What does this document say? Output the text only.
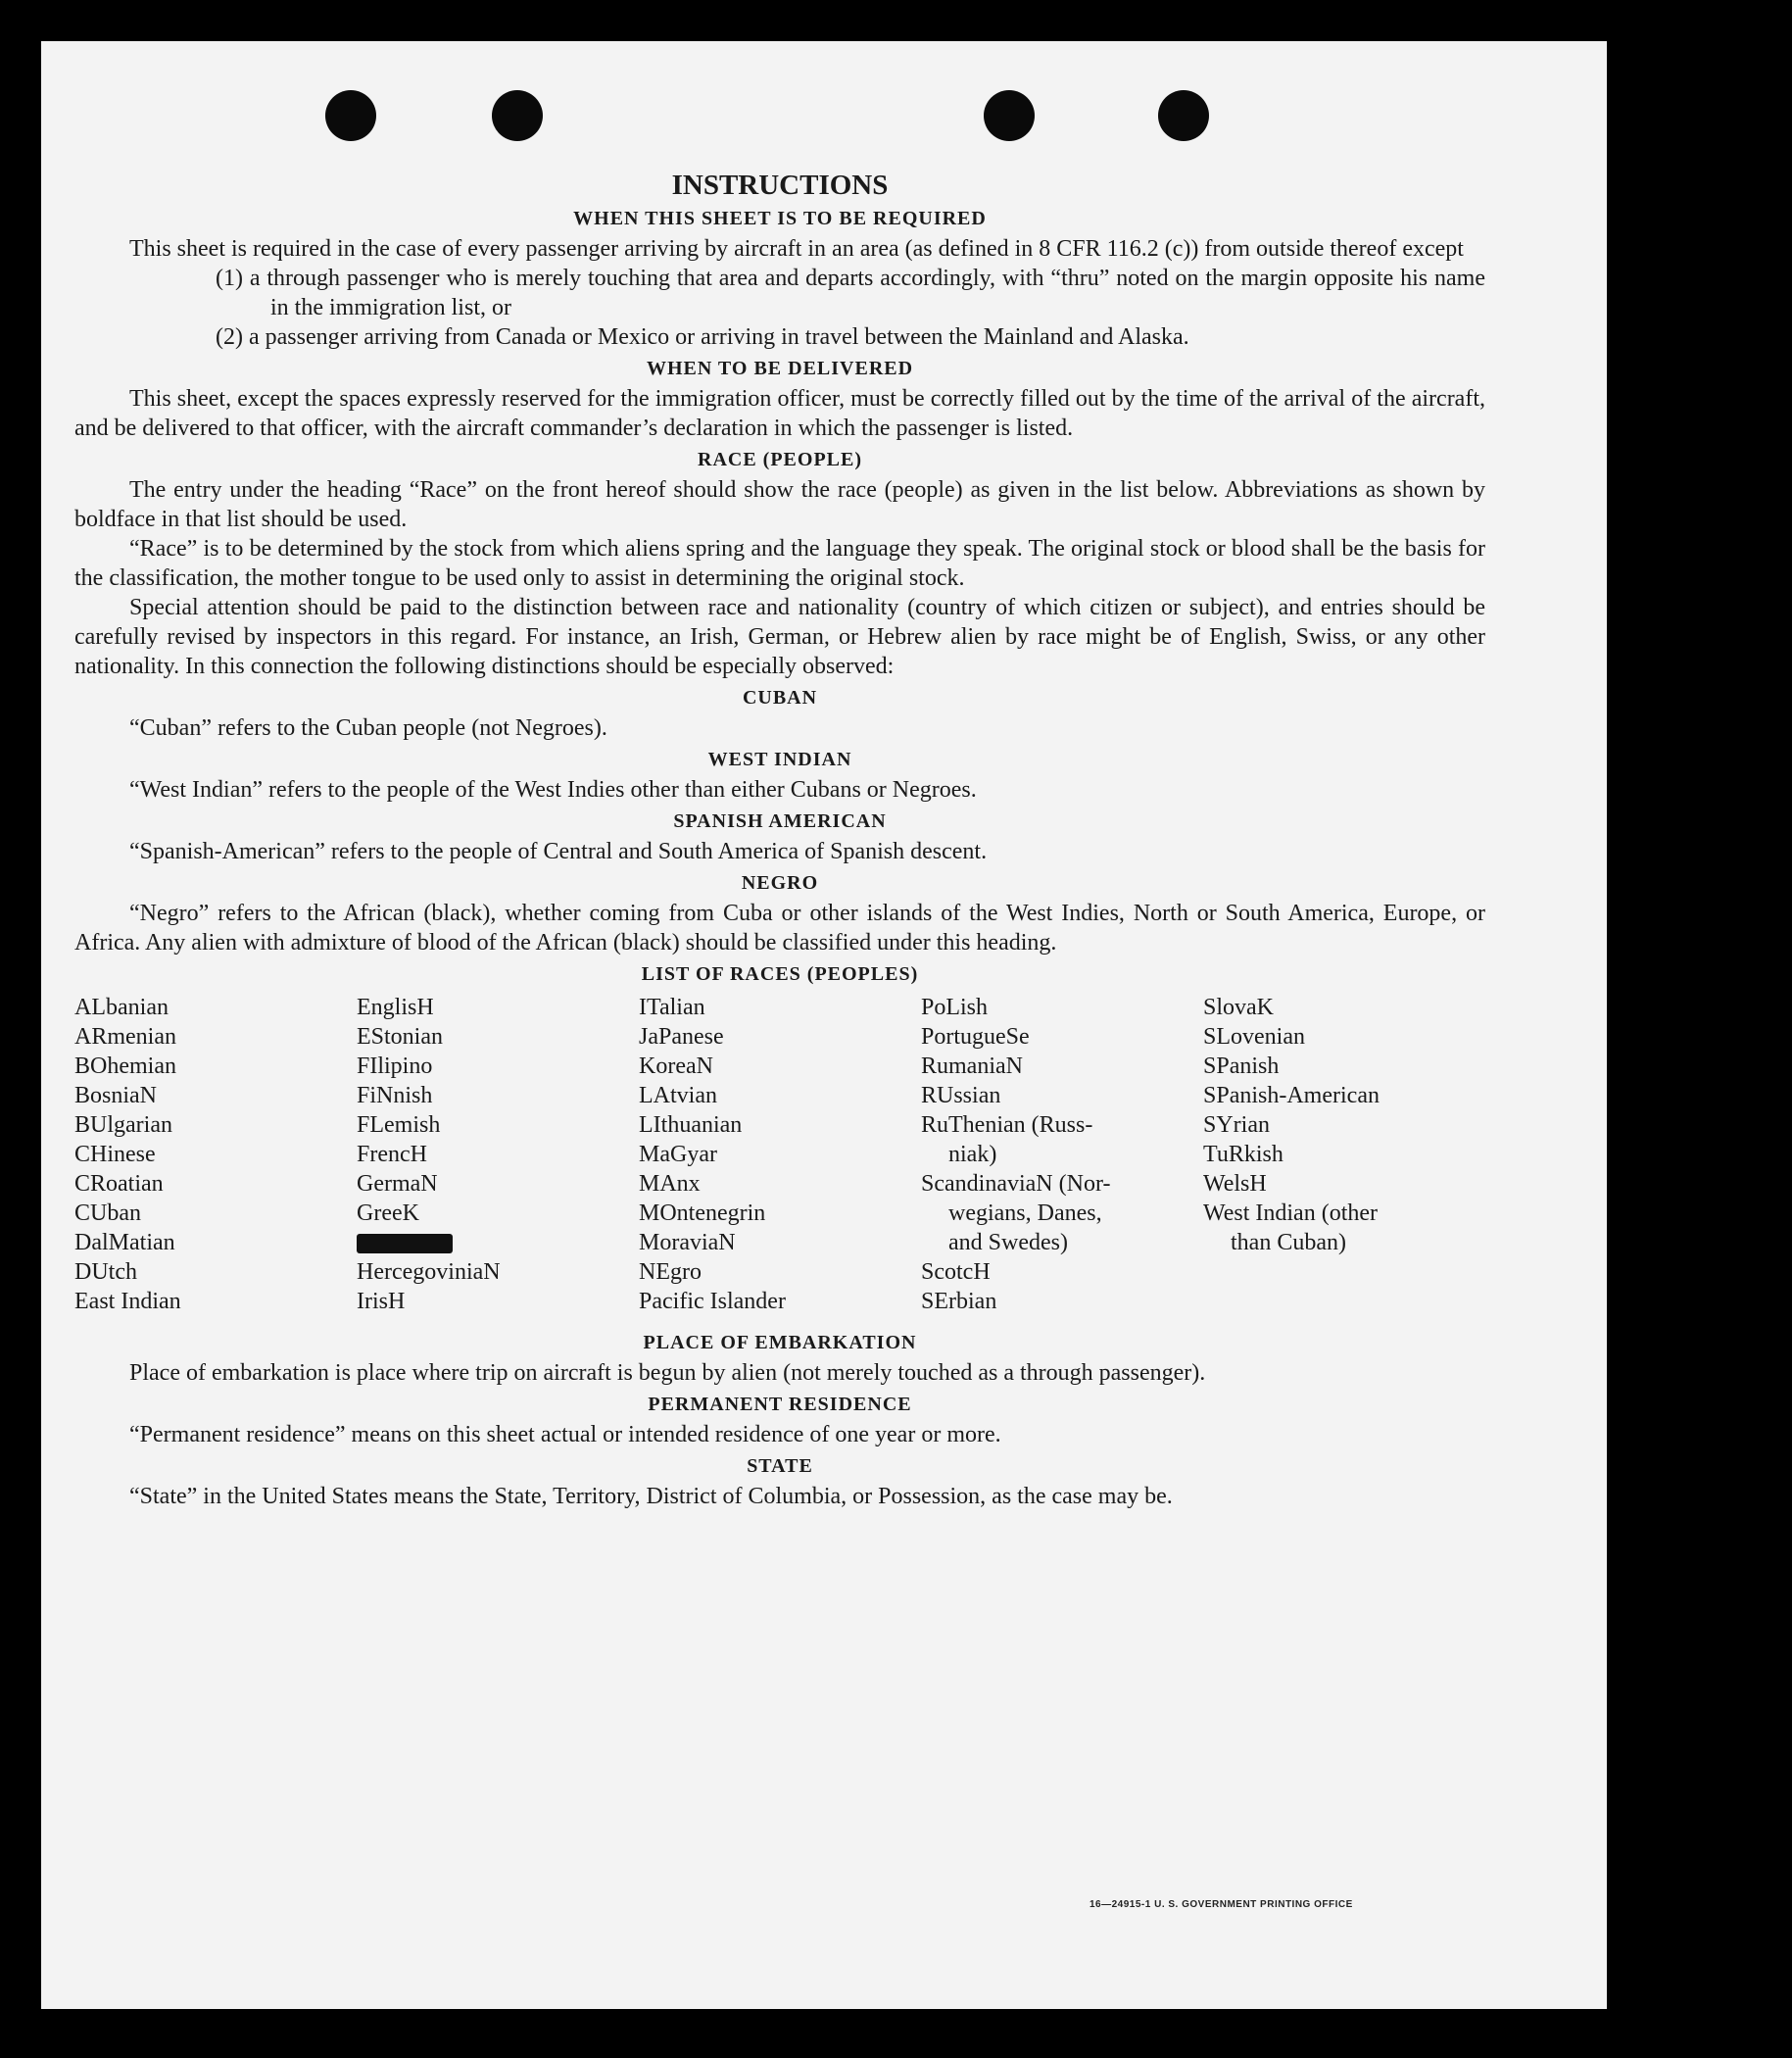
INSTRUCTIONS
WHEN THIS SHEET IS TO BE REQUIRED
This sheet is required in the case of every passenger arriving by aircraft in an area (as defined in 8 CFR 116.2 (c)) from outside thereof except
(1) a through passenger who is merely touching that area and departs accordingly, with “thru” noted on the margin opposite his name in the immigration list, or
(2) a passenger arriving from Canada or Mexico or arriving in travel between the Mainland and Alaska.
WHEN TO BE DELIVERED
This sheet, except the spaces expressly reserved for the immigration officer, must be correctly filled out by the time of the arrival of the aircraft, and be delivered to that officer, with the aircraft commander’s declaration in which the passenger is listed.
RACE (PEOPLE)
The entry under the heading “Race” on the front hereof should show the race (people) as given in the list below. Abbreviations as shown by boldface in that list should be used.
“Race” is to be determined by the stock from which aliens spring and the language they speak. The original stock or blood shall be the basis for the classification, the mother tongue to be used only to assist in determining the original stock.
Special attention should be paid to the distinction between race and nationality (country of which citizen or subject), and entries should be carefully revised by inspectors in this regard. For instance, an Irish, German, or Hebrew alien by race might be of English, Swiss, or any other nationality. In this connection the following distinctions should be especially observed:
CUBAN
“Cuban” refers to the Cuban people (not Negroes).
WEST INDIAN
“West Indian” refers to the people of the West Indies other than either Cubans or Negroes.
SPANISH AMERICAN
“Spanish-American” refers to the people of Central and South America of Spanish descent.
NEGRO
“Negro” refers to the African (black), whether coming from Cuba or other islands of the West Indies, North or South America, Europe, or Africa. Any alien with admixture of blood of the African (black) should be classified under this heading.
LIST OF RACES (PEOPLES)
ALbanian
ARmenian
BOhemian
BosniaN
BUlgarian
CHinese
CRoatian
CUban
DalMatian
DUtch
East Indian
EnglisH
EStonian
FIlipino
FiNnish
FLemish
FrencH
GermaN
GreeK
HercegoviniaN
IrisH
ITalian
JaPanese
KoreaN
LAtvian
LIthuanian
MaGyar
MAnx
MOntenegrin
MoraviaN
NEgro
Pacific Islander
PoLish
PortugueSe
RumaniaN
RUssian
RuThenian (Russ-
niak)
ScandinaviaN (Nor-
wegians, Danes,
and Swedes)
ScotcH
SErbian
SlovaK
SLovenian
SPanish
SPanish-American
SYrian
TuRkish
WelsH
West Indian (other
than Cuban)
PLACE OF EMBARKATION
Place of embarkation is place where trip on aircraft is begun by alien (not merely touched as a through passenger).
PERMANENT RESIDENCE
“Permanent residence” means on this sheet actual or intended residence of one year or more.
STATE
“State” in the United States means the State, Territory, District of Columbia, or Possession, as the case may be.
16—24915-1 U. S. GOVERNMENT PRINTING OFFICE
